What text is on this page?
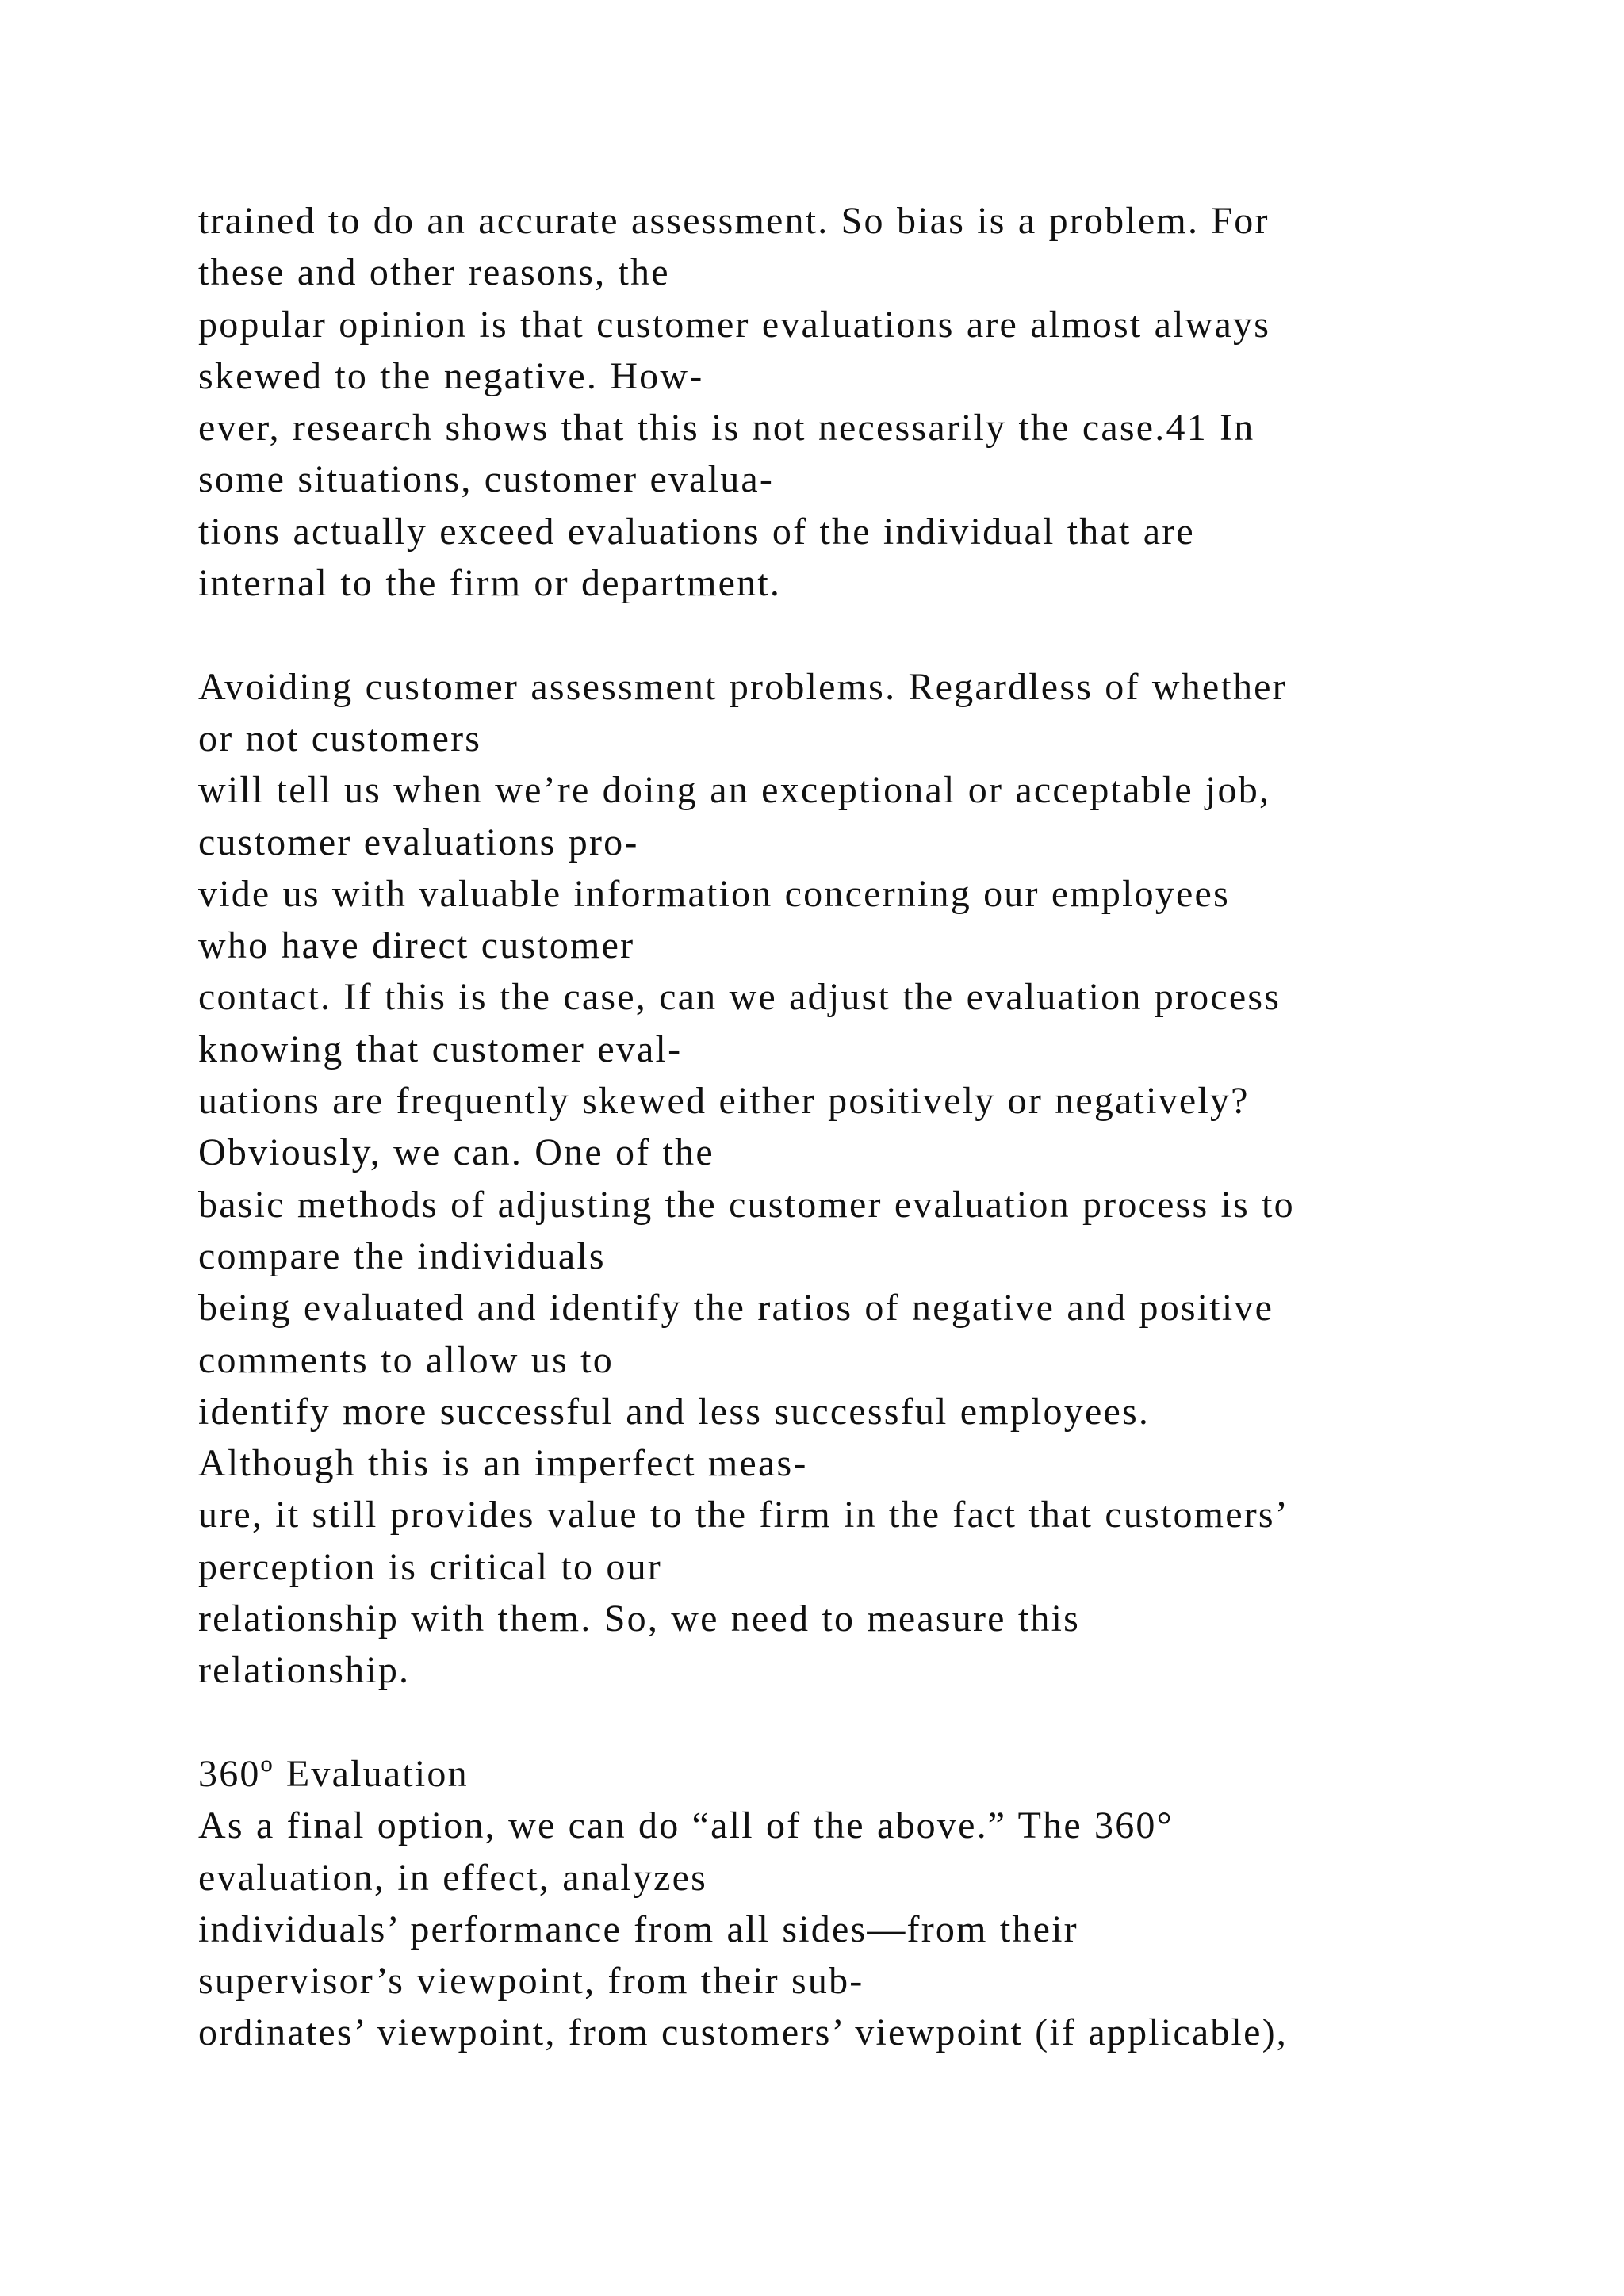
trained to do an accurate assessment. So bias is a problem. For
these and other reasons, the
popular opinion is that customer evaluations are almost always
skewed to the negative. How-
ever, research shows that this is not necessarily the case.41 In
some situations, customer evalua-
tions actually exceed evaluations of the individual that are
internal to the firm or department.
Avoiding customer assessment problems. Regardless of whether
or not customers
will tell us when we’re doing an exceptional or acceptable job,
customer evaluations pro-
vide us with valuable information concerning our employees
who have direct customer
contact. If this is the case, can we adjust the evaluation process
knowing that customer eval-
uations are frequently skewed either positively or negatively?
Obviously, we can. One of the
basic methods of adjusting the customer evaluation process is to
compare the individuals
being evaluated and identify the ratios of negative and positive
comments to allow us to
identify more successful and less successful employees.
Although this is an imperfect meas-
ure, it still provides value to the firm in the fact that customers’
perception is critical to our
relationship with them. So, we need to measure this
relationship.
360º Evaluation
As a final option, we can do “all of the above.” The 360°
evaluation, in effect, analyzes
individuals’ performance from all sides—from their
supervisor’s viewpoint, from their sub-
ordinates’ viewpoint, from customers’ viewpoint (if applicable),
